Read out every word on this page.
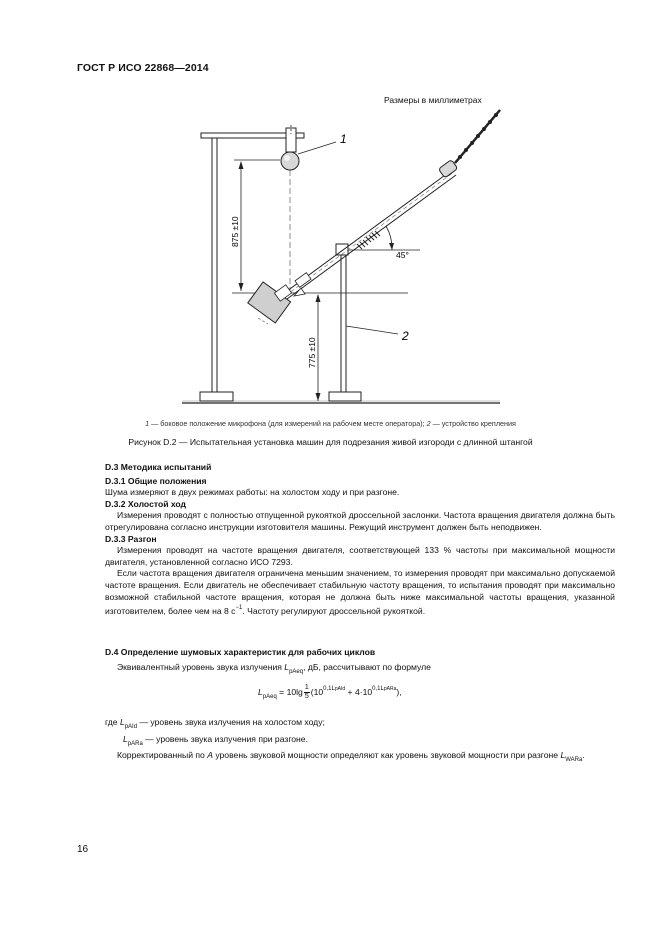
ГОСТ Р ИСО 22868—2014
Размеры в миллиметрах
1
875 ±10
775 ±10
2
45°
1 — боковое положение микрофона (для измерений на рабочем месте оператора); 2 — устройство крепления
Рисунок D.2 — Испытательная установка машин для подрезания живой изгороди с длинной штангой
D.3 Методика испытаний
D.3.1 Общие положения
Шума измеряют в двух режимах работы: на холостом ходу и при разгоне.
D.3.2 Холостой ход
Измерения проводят с полностью отпущенной рукояткой дроссельной заслонки. Частота вращения двигателя должна быть отрегулирована согласно инструкции изготовителя машины. Режущий инструмент должен быть неподвижен.
D.3.3 Разгон
Измерения проводят на частоте вращения двигателя, соответствующей 133 % частоты при максимальной мощности двигателя, установленной согласно ИСО 7293.
Если частота вращения двигателя ограничена меньшим значением, то измерения проводят при максимально допускаемой частоте вращения. Если двигатель не обеспечивает стабильную частоту вращения, то испытания проводят при максимально возможной стабильной частоте вращения, которая не должна быть ниже максимальной частоты вращения, указанной изготовителем, более чем на 8 $с^{-1}$. Частоту регулируют дроссельной рукояткой.
D.4 Определение шумовых характеристик для рабочих циклов
Эквивалентный уровень звука излучения $L_{pAeq}$, дБ, рассчитывают по формуле
$L_{pAeq} = 10\lg \frac{1}{5} (10^{0,1LpAId} + 4\cdot 10^{0,1LpARa})$,
где $L_{pAId}$ — уровень звука излучения на холостом ходу;
$L_{pARa}$ — уровень звука излучения при разгоне.
Корректированный по А уровень звуковой мощности определяют как уровень звуковой мощности при разгоне $L_{WARa}$.
16
